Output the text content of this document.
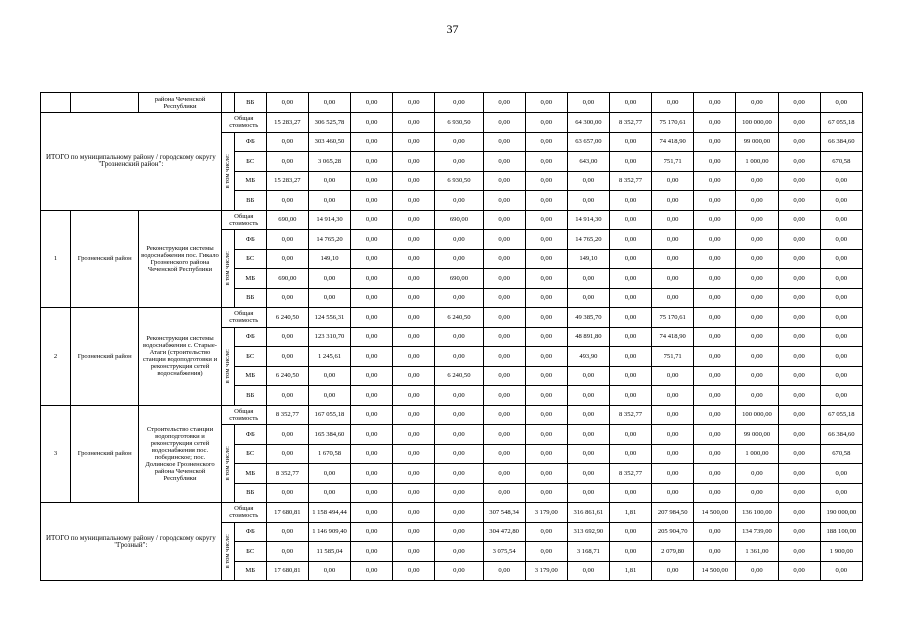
37
		района Чеченской Республики		ВБ	0,00	0,00	0,00	0,00	0,00	0,00	0,00	0,00	0,00	0,00	0,00	0,00	0,00	0,00
ИТОГО по муниципальному району / городскому округу "Грозненский район":			Общая стоимость		15 283,27	306 525,78	0,00	0,00	6 930,50	0,00	0,00	64 300,00	8 352,77	75 170,61	0,00	100 000,00	0,00	67 055,18

			в том числе:	ФБ	0,00	303 460,50	0,00	0,00	0,00	0,00	0,00	63 657,00	0,00	74 418,90	0,00	99 000,00	0,00	66 384,60
				БС	0,00	3 065,28	0,00	0,00	0,00	0,00	0,00	643,00	0,00	751,71	0,00	1 000,00	0,00	670,58
				МБ	15 283,27	0,00	0,00	0,00	6 930,50	0,00	0,00	0,00	8 352,77	0,00	0,00	0,00	0,00	0,00
				ВБ	0,00	0,00	0,00	0,00	0,00	0,00	0,00	0,00	0,00	0,00	0,00	0,00	0,00	0,00
1	Грозненский район	Реконструкция системы водоснабжения пос. Гикало Грозненского района Чеченской Республики	Общая стоимость		690,00	14 914,30	0,00	0,00	690,00	0,00	0,00	14 914,30	0,00	0,00	0,00	0,00	0,00	0,00

			в том числе:	ФБ	0,00	14 765,20	0,00	0,00	0,00	0,00	0,00	14 765,20	0,00	0,00	0,00	0,00	0,00	0,00
				БС	0,00	149,10	0,00	0,00	0,00	0,00	0,00	149,10	0,00	0,00	0,00	0,00	0,00	0,00
				МБ	690,00	0,00	0,00	0,00	690,00	0,00	0,00	0,00	0,00	0,00	0,00	0,00	0,00	0,00
				ВБ	0,00	0,00	0,00	0,00	0,00	0,00	0,00	0,00	0,00	0,00	0,00	0,00	0,00	0,00
2	Грозненский район	Реконструкция системы водоснабжения с. Старые-Атаги (строительство станции водоподготовки и реконструкция сетей водоснабжения)	Общая стоимость		6 240,50	124 556,31	0,00	0,00	6 240,50	0,00	0,00	49 385,70	0,00	75 170,61	0,00	0,00	0,00	0,00

			в том числе:	ФБ	0,00	123 310,70	0,00	0,00	0,00	0,00	0,00	48 891,80	0,00	74 418,90	0,00	0,00	0,00	0,00
				БС	0,00	1 245,61	0,00	0,00	0,00	0,00	0,00	493,90	0,00	751,71	0,00	0,00	0,00	0,00
				МБ	6 240,50	0,00	0,00	0,00	6 240,50	0,00	0,00	0,00	0,00	0,00	0,00	0,00	0,00	0,00
				ВБ	0,00	0,00	0,00	0,00	0,00	0,00	0,00	0,00	0,00	0,00	0,00	0,00	0,00	0,00
3	Грозненский район	Строительство станции водоподготовки и реконструкция сетей водоснабжения пос. побединское; пос. Долинское Грозненского района Чеченской Республики	Общая стоимость		8 352,77	167 055,18	0,00	0,00	0,00	0,00	0,00	0,00	8 352,77	0,00	0,00	100 000,00	0,00	67 055,18

			в том числе:	ФБ	0,00	165 384,60	0,00	0,00	0,00	0,00	0,00	0,00	0,00	0,00	0,00	99 000,00	0,00	66 384,60
				БС	0,00	1 670,58	0,00	0,00	0,00	0,00	0,00	0,00	0,00	0,00	0,00	1 000,00	0,00	670,58
				МБ	8 352,77	0,00	0,00	0,00	0,00	0,00	0,00	0,00	8 352,77	0,00	0,00	0,00	0,00	0,00
				ВБ	0,00	0,00	0,00	0,00	0,00	0,00	0,00	0,00	0,00	0,00	0,00	0,00	0,00	0,00
ИТОГО по муниципальному району / городскому округу "Грозный":			Общая стоимость		17 680,81	1 158 494,44	0,00	0,00	0,00	307 548,34	3 179,00	316 861,61	1,81	207 984,50	14 500,00	136 100,00	0,00	190 000,00

			в том числе:	ФБ	0,00	1 146 909,40	0,00	0,00	0,00	304 472,80	0,00	313 692,90	0,00	205 904,70	0,00	134 739,00	0,00	188 100,00
				БС	0,00	11 585,04	0,00	0,00	0,00	3 075,54	0,00	3 168,71	0,00	2 079,80	0,00	1 361,00	0,00	1 900,00
				МБ	17 680,81	0,00	0,00	0,00	0,00	0,00	3 179,00	0,00	1,81	0,00	14 500,00	0,00	0,00	0,00
